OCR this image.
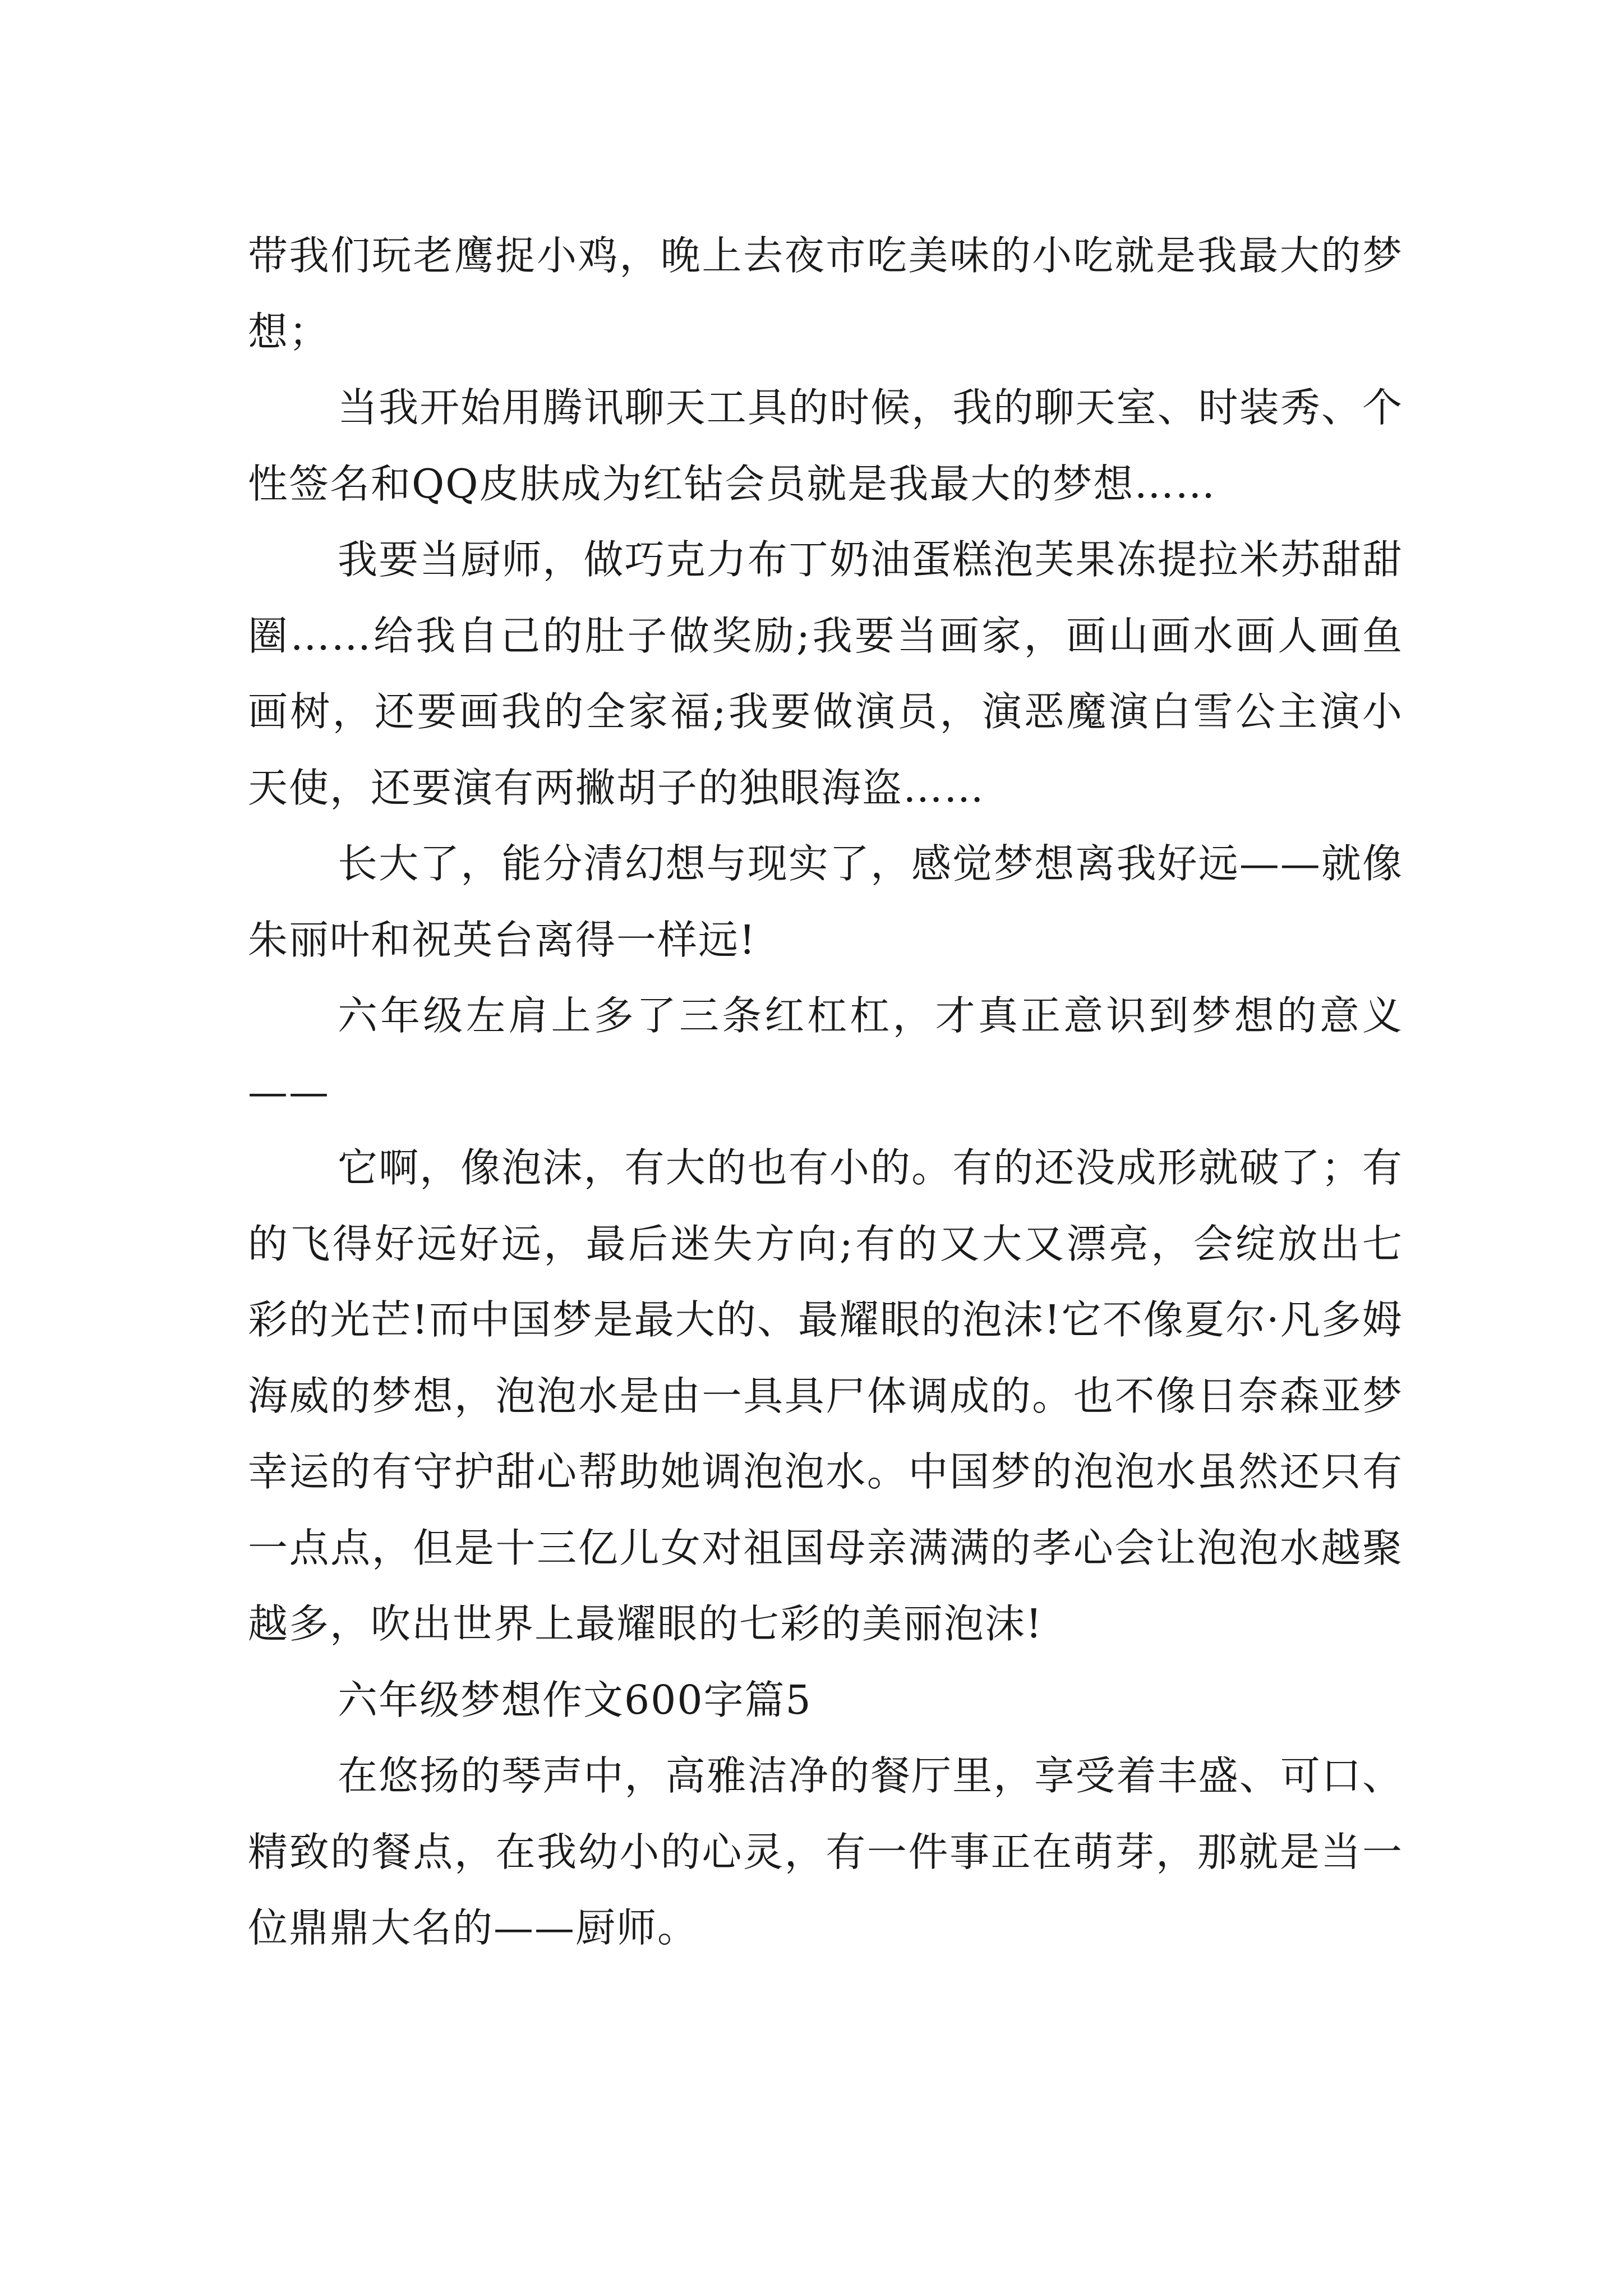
带我们玩老鹰捉小鸡，晚上去夜市吃美味的小吃就是我最大的梦想；

当我开始用腾讯聊天工具的时候，我的聊天室、时装秀、个性签名和QQ皮肤成为红钻会员就是我最大的梦想……

我要当厨师，做巧克力布丁奶油蛋糕泡芙果冻提拉米苏甜甜圈……给我自己的肚子做奖励;我要当画家，画山画水画人画鱼画树，还要画我的全家福;我要做演员，演恶魔演白雪公主演小天使，还要演有两撇胡子的独眼海盗……

长大了，能分清幻想与现实了，感觉梦想离我好远——就像朱丽叶和祝英台离得一样远!

六年级左肩上多了三条红杠杠，才真正意识到梦想的意义——

它啊，像泡沫，有大的也有小的。有的还没成形就破了；有的飞得好远好远，最后迷失方向;有的又大又漂亮，会绽放出七彩的光芒!而中国梦是最大的、最耀眼的泡沫!它不像夏尔·凡多姆海威的梦想，泡泡水是由一具具尸体调成的。也不像日奈森亚梦幸运的有守护甜心帮助她调泡泡水。中国梦的泡泡水虽然还只有一点点，但是十三亿儿女对祖国母亲满满的孝心会让泡泡水越聚越多，吹出世界上最耀眼的七彩的美丽泡沫!

六年级梦想作文600字篇5

在悠扬的琴声中，高雅洁净的餐厅里，享受着丰盛、可口、精致的餐点，在我幼小的心灵，有一件事正在萌芽，那就是当一位鼎鼎大名的——厨师。
